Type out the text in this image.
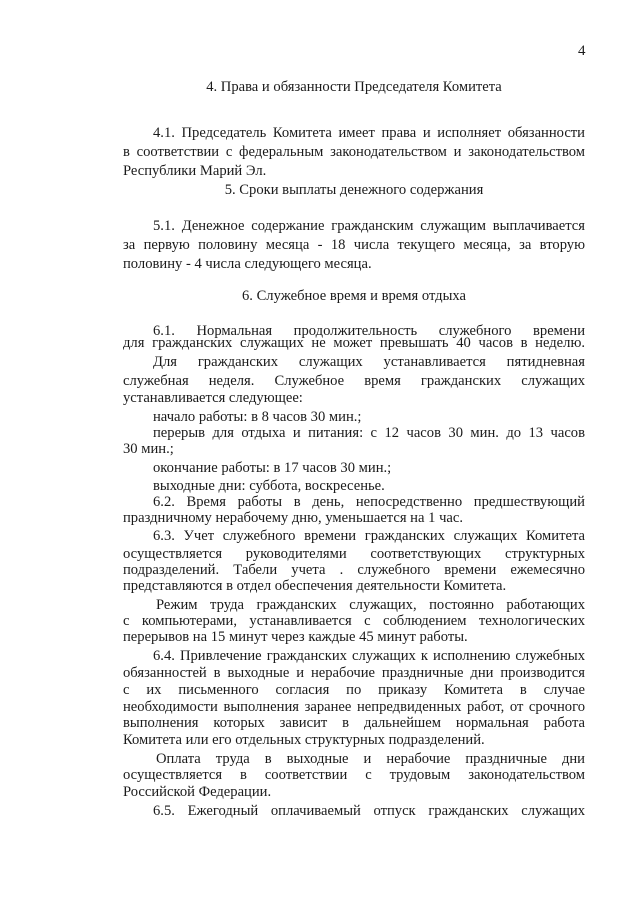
4
4. Права и обязанности Председателя Комитета
4.1. Председатель Комитета имеет права и исполняет обязанности
в соответствии с федеральным законодательством и законодательством
Республики Марий Эл.
5. Сроки выплаты денежного содержания
5.1. Денежное содержание гражданским служащим выплачивается
за первую половину месяца - 18 числа текущего месяца, за вторую
половину - 4 числа следующего месяца.
6. Служебное время и время отдыха
6.1. Нормальная продолжительность служебного времени
для гражданских служащих не может превышать 40 часов в неделю.
Для гражданских служащих устанавливается пятидневная
служебная неделя. Служебное время гражданских служащих
устанавливается следующее:
начало работы: в 8 часов 30 мин.;
перерыв для отдыха и питания: с 12 часов 30 мин. до 13 часов
30 мин.;
окончание работы: в 17 часов 30 мин.;
выходные дни: суббота, воскресенье.
6.2. Время работы в день, непосредственно предшествующий
праздничному нерабочему дню, уменьшается на 1 час.
6.3. Учет служебного времени гражданских служащих Комитета
осуществляется руководителями соответствующих структурных
подразделений. Табели учета . служебного времени ежемесячно
представляются в отдел обеспечения деятельности Комитета.
Режим труда гражданских служащих, постоянно работающих
с компьютерами, устанавливается с соблюдением технологических
перерывов на 15 минут через каждые 45 минут работы.
6.4. Привлечение гражданских служащих к исполнению служебных
обязанностей в выходные и нерабочие праздничные дни производится
с их письменного согласия по приказу Комитета в случае
необходимости выполнения заранее непредвиденных работ, от срочного
выполнения которых зависит в дальнейшем нормальная работа
Комитета или его отдельных структурных подразделений.
Оплата труда в выходные и нерабочие праздничные дни
осуществляется в соответствии с трудовым законодательством
Российской Федерации.
6.5. Ежегодный оплачиваемый отпуск гражданских служащих
